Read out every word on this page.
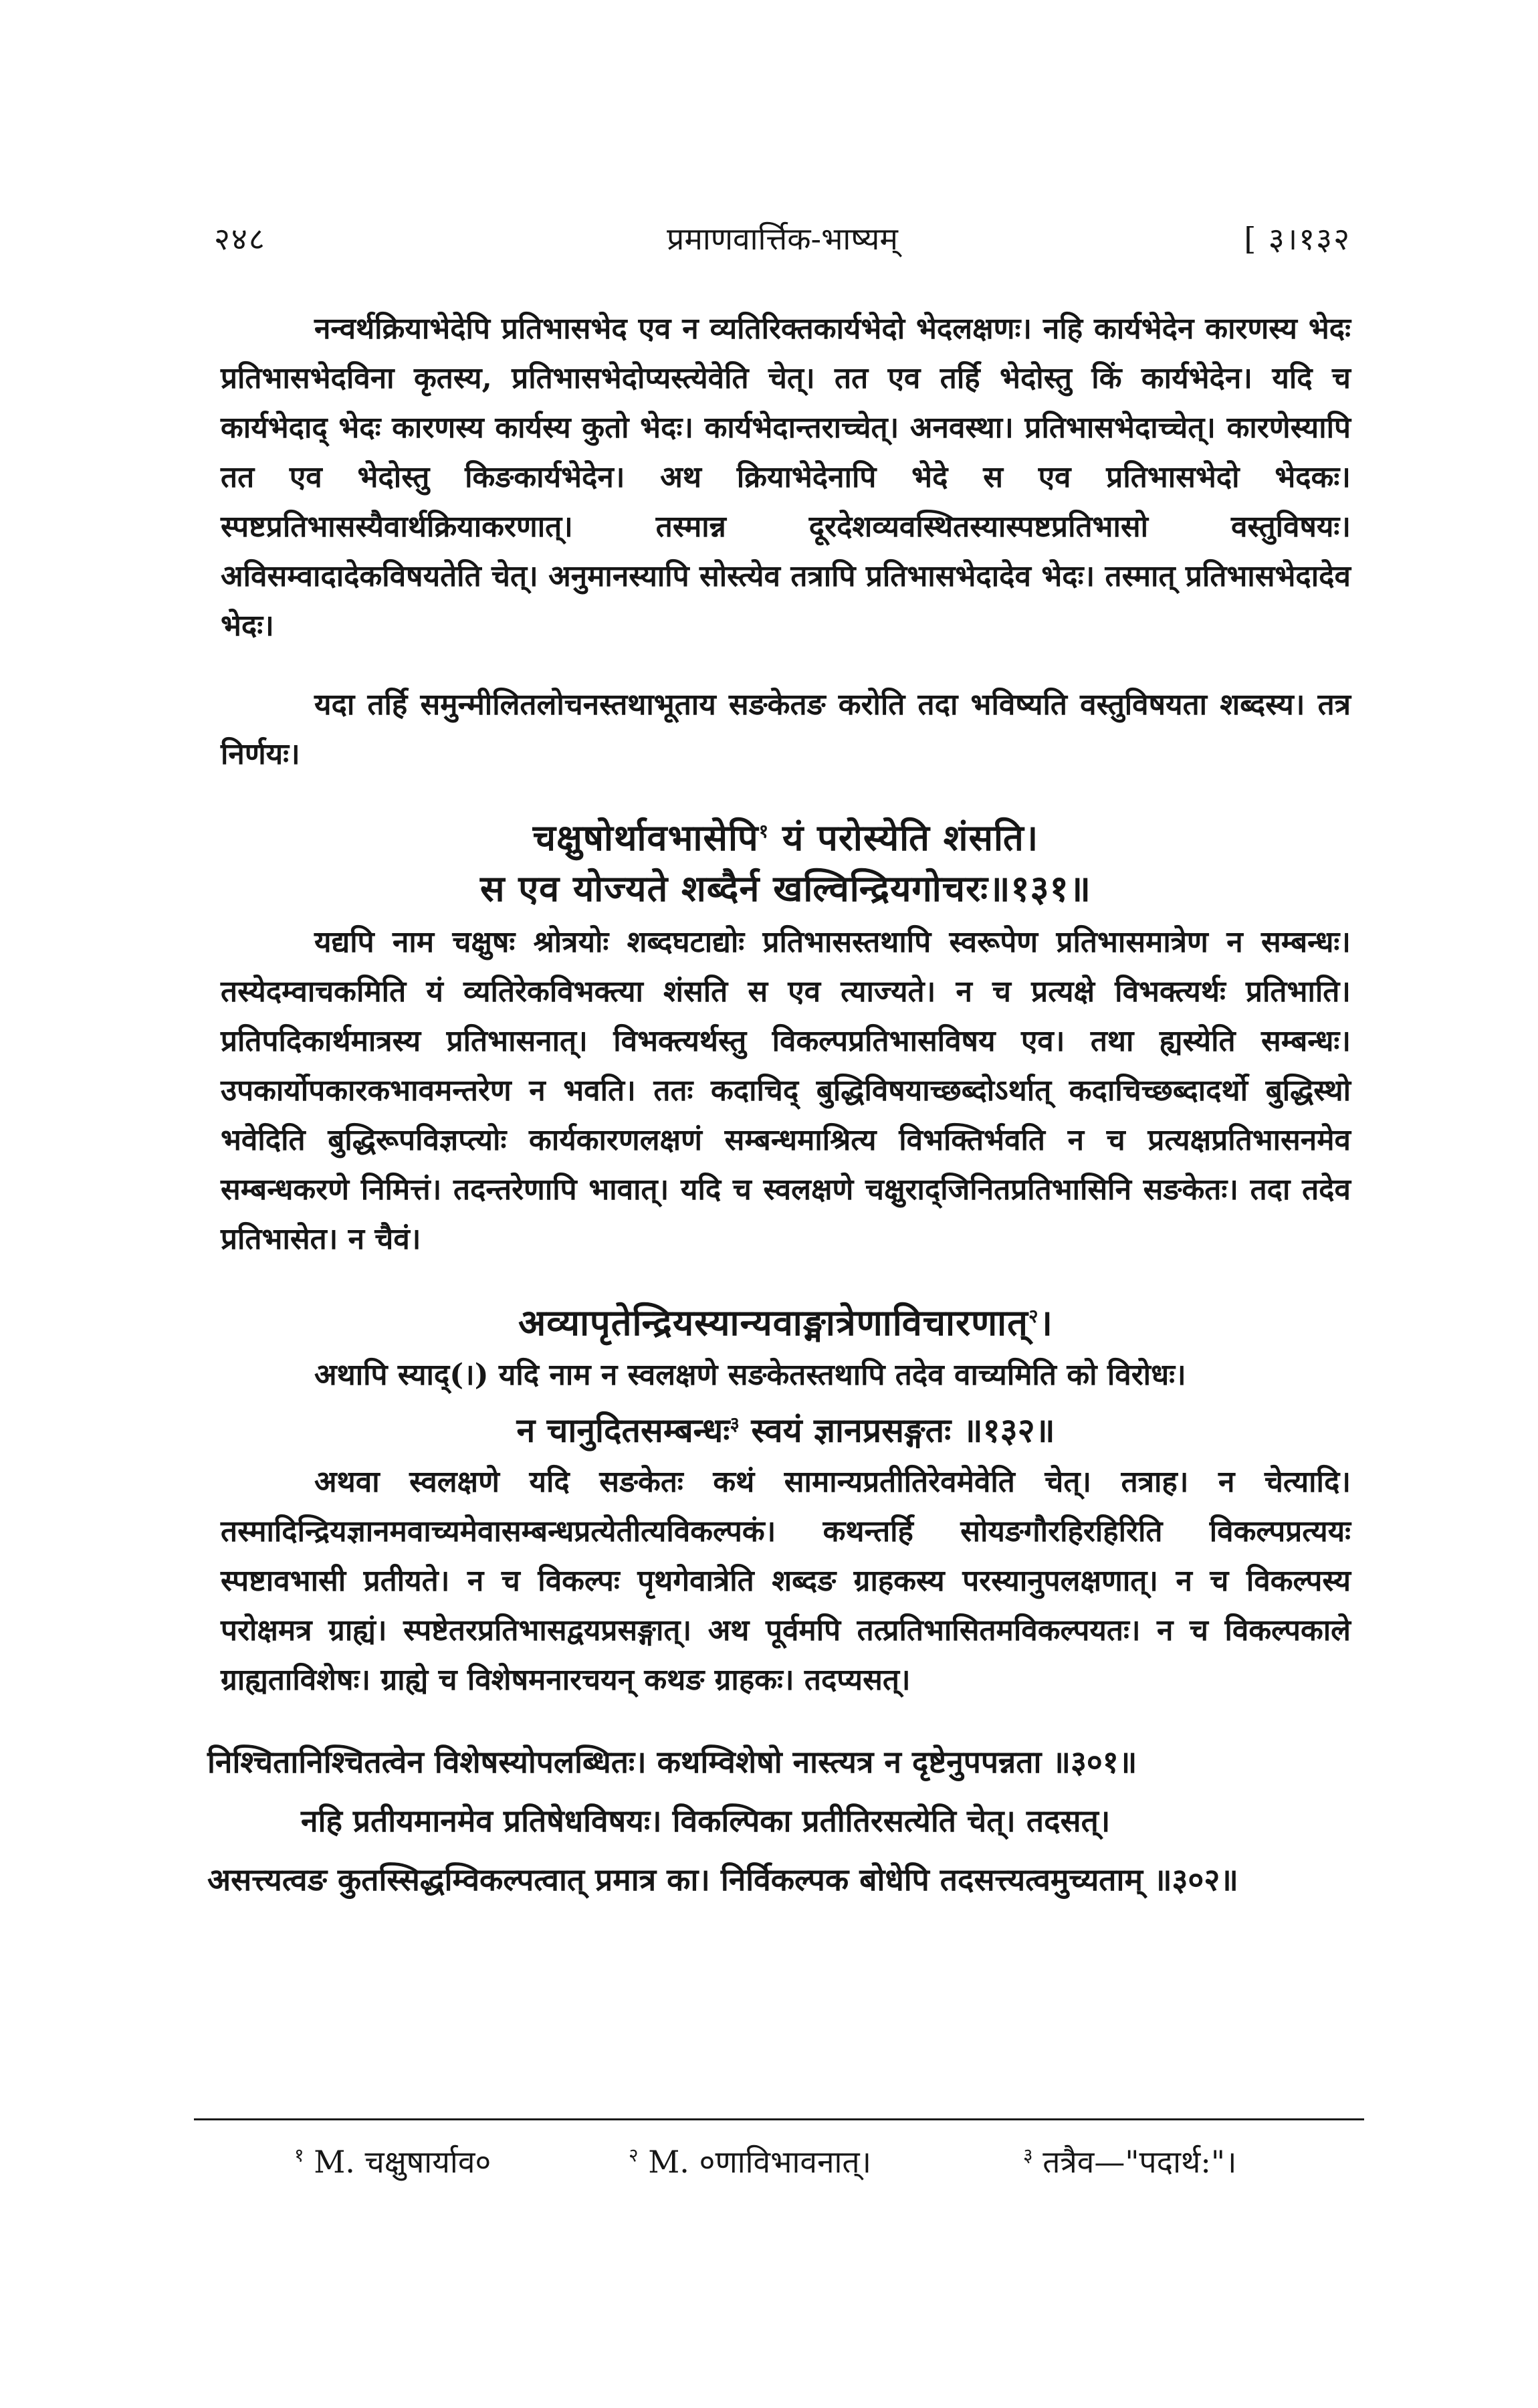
२४८	प्रमाणवार्त्तिक-भाष्यम्	[ ३।१३२

नन्वर्थक्रियाभेदेपि प्रतिभासभेद एव न व्यतिरिक्तकार्यभेदो भेदलक्षणः। नहि कार्यभेदेन कारणस्य भेदः प्रतिभासभेदविना कृतस्य, प्रतिभासभेदोप्यस्त्येवेति चेत्। तत एव तर्हि भेदोस्तु किं कार्यभेदेन। यदि च कार्यभेदाद् भेदः कारणस्य कार्यस्य कुतो भेदः। कार्यभेदान्तराच्चेत्। अनवस्था। प्रतिभासभेदाच्चेत्। कारणेस्यापि तत एव भेदोस्तु किङकार्यभेदेन। अथ क्रियाभेदेनापि भेदे स एव प्रतिभासभेदो भेदकः। स्पष्टप्रतिभासस्यैवार्थक्रियाकरणात्। तस्मान्न दूरदेशव्यवस्थितस्यास्पष्टप्रतिभासो वस्तुविषयः। अविसम्वादादेकविषयतेति चेत्। अनुमानस्यापि सोस्त्येव तत्रापि प्रतिभासभेदादेव भेदः। तस्मात् प्रतिभासभेदादेव भेदः।

यदा तर्हि समुन्मीलितलोचनस्तथाभूताय सङकेतङ करोति तदा भविष्यति वस्तुविषयता शब्दस्य। तत्र निर्णयः।

चक्षुषोर्थावभासेपि$^१$ यं परोस्येति शंसति।
स एव योज्यते शब्दैर्न खल्विन्द्रियगोचरः॥१३१॥

यद्यपि नाम चक्षुषः श्रोत्रयोः शब्दघटाद्योः प्रतिभासस्तथापि स्वरूपेण प्रतिभासमात्रेण न सम्बन्धः। तस्येदम्वाचकमिति यं व्यतिरेकविभक्त्या शंसति स एव त्याज्यते। न च प्रत्यक्षे विभक्त्यर्थः प्रतिभाति। प्रतिपदिकार्थमात्रस्य प्रतिभासनात्। विभक्त्यर्थस्तु विकल्पप्रतिभासविषय एव। तथा ह्यस्येति सम्बन्धः। उपकार्योपकारकभावमन्तरेण न भवति। ततः कदाचिद् बुद्धिविषयाच्छब्दोऽर्थात् कदाचिच्छब्दादर्थो बुद्धिस्थो भवेदिति बुद्धिरूपविज्ञप्त्योः कार्यकारणलक्षणं सम्बन्धमाश्रित्य विभक्तिर्भवति न च प्रत्यक्षप्रतिभासनमेव सम्बन्धकरणे निमित्तं। तदन्तरेणापि भावात्। यदि च स्वलक्षणे चक्षुराद्जिनितप्रतिभासिनि सङकेतः। तदा तदेव प्रतिभासेत। न चैवं।

अव्यापृतेन्द्रियस्यान्यवाङ्मात्रेणाविचारणात्$^२$।

अथापि स्याद्(।) यदि नाम न स्वलक्षणे सङकेतस्तथापि तदेव वाच्यमिति को विरोधः।

न चानुदितसम्बन्धः$^३$ स्वयं ज्ञानप्रसङ्गतः ॥१३२॥

अथवा स्वलक्षणे यदि सङकेतः कथं सामान्यप्रतीतिरेवमेवेति चेत्। तत्राह। न चेत्यादि। तस्मादिन्द्रियज्ञानमवाच्यमेवासम्बन्धप्रत्येतीत्यविकल्पकं। कथन्तर्हि सोयङगौरहिरहिरिति विकल्पप्रत्ययः स्पष्टावभासी प्रतीयते। न च विकल्पः पृथगेवात्रेति शब्दङ ग्राहकस्य परस्यानुपलक्षणात्। न च विकल्पस्य परोक्षमत्र ग्राह्यं। स्पष्टेतरप्रतिभासद्वयप्रसङ्गात्। अथ पूर्वमपि तत्प्रतिभासितमविकल्पयतः। न च विकल्पकाले ग्राह्यताविशेषः। ग्राह्ये च विशेषमनारचयन् कथङ ग्राहकः। तदप्यसत्।

निश्चितानिश्चितत्वेन विशेषस्योपलब्धितः। कथम्विशेषो नास्त्यत्र न दृष्टेनुपपन्नता ॥३०१॥
नहि प्रतीयमानमेव प्रतिषेधविषयः। विकल्पिका प्रतीतिरसत्येति चेत्। तदसत्।
असत्त्यत्वङ कुतस्सिद्धम्विकल्पत्वात् प्रमात्र का। निर्विकल्पक बोधेपि तदसत्त्यत्वमुच्यताम् ॥३०२॥
$^१$ M. चक्षुषार्याव०	$^२$ M. ०णाविभावनात्।	$^३$ तत्रैव—"पदार्थ:"।
